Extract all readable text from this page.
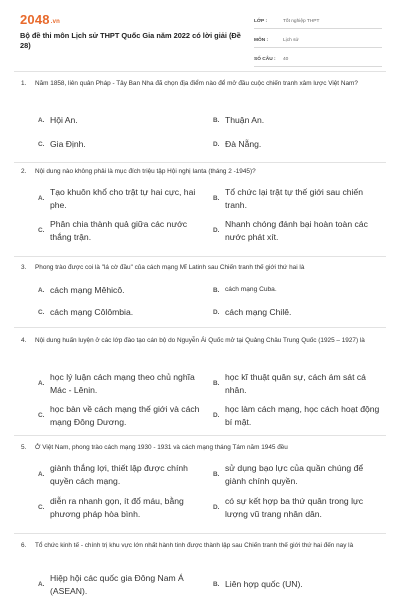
2048.vn
Bộ đề thi môn Lịch sử THPT Quốc Gia năm 2022 có lời giải (Đề 28)
LỚP :	Tốt nghiệp THPT
MÔN :	Lịch sử
SỐ CÂU :	40
1. Năm 1858, liên quân Pháp - Tây Ban Nha đã chọn địa điểm nào để mở đầu cuộc chiến tranh xâm lược Việt Nam?
A. Hội An.	B. Thuận An.
C. Gia Định.	D. Đà Nẵng.
2. Nội dung nào không phải là mục đích triệu tập Hội nghị Ianta (tháng 2 -1945)?
A.
Tạo khuôn khổ cho trật tự hai cực, hai phe.
B.
Tổ chức lại trật tự thế giới sau chiến tranh.
C.
Phân chia thành quả giữa các nước thắng trận.
D.
Nhanh chóng đánh bại hoàn toàn các nước phát xít.
3. Phong trào được coi là "lá cờ đầu" của cách mạng Mĩ Latinh sau Chiến tranh thế giới thứ hai là
A. cách mạng Mêhicô.	B. cách mạng Cuba.
C. cách mạng Côlômbia.	D. cách mạng Chilê.
4. Nội dung huấn luyện ở các lớp đào tạo cán bộ do Nguyễn Ái Quốc mở tại Quảng Châu Trung Quốc (1925 – 1927) là
A.
học lý luận cách mạng theo chủ nghĩa Mác - Lênin.
B.
học kĩ thuật quân sự, cách ám sát cá nhân.
C.
học bàn về cách mạng thế giới và cách mạng Đông Dương.
D.
học làm cách mạng, học cách hoạt động bí mật.
5. Ở Việt Nam, phong trào cách mạng 1930 - 1931 và cách mạng tháng Tám năm 1945 đều
A.
giành thắng lợi, thiết lập được chính quyền cách mạng.
B.
sử dụng bạo lực của quần chúng để giành chính quyền.
C.
diễn ra nhanh gọn, ít đổ máu, bằng phương pháp hòa bình.
D.
có sự kết hợp ba thứ quân trong lực lượng vũ trang nhân dân.
6. Tổ chức kinh tế - chính trị khu vực lớn nhất hành tinh được thành lập sau Chiến tranh thế giới thứ hai đến nay là
A.
Hiệp hội các quốc gia Đông Nam Á (ASEAN).
B. Liên hợp quốc (UN).
